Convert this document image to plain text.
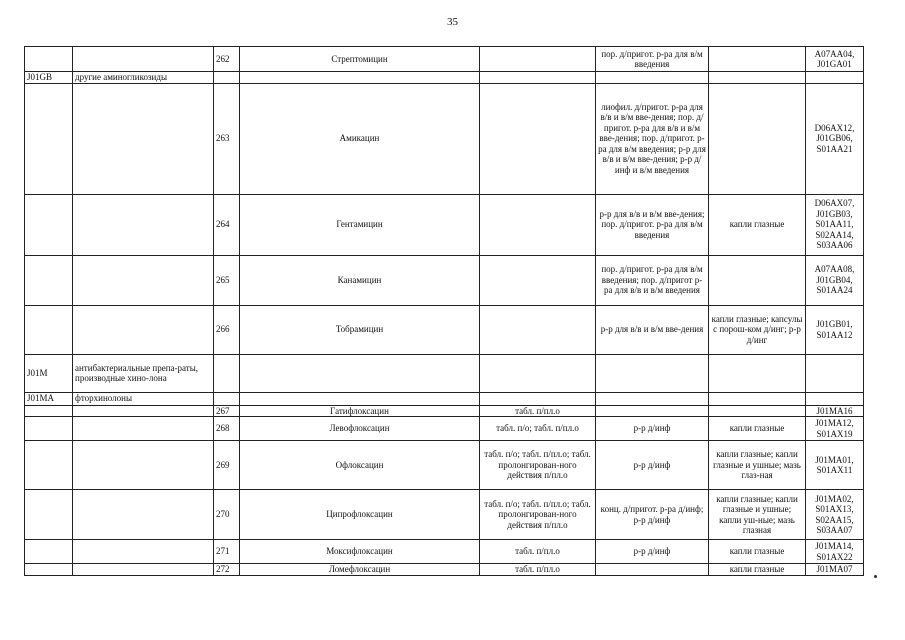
35
		262	Стрептомицин		пор. д/пригот. р-ра для в/м введения		A07AA04, J01GA01
J01GB	другие аминогликозиды						
		263	Амикацин		лиофил. д/пригот. р-ра для в/в и в/м вве-дения; пор. д/пригот. р-ра для в/в и в/м вве-дения; пор. д/пригот. р-ра для в/м введения; р-р для в/в и в/м вве-дения; р-р д/инф и в/м введения		D06AX12, J01GB06, S01AA21
		264	Гентамицин		р-р для в/в и в/м вве-дения; пор. д/пригот. р-ра для в/м введения	капли глазные	D06AX07, J01GB03, S01AA11, S02AA14, S03AA06
		265	Канамицин		пор. д/пригот. р-ра для в/м введения; пор. д/пригот р-ра для в/в и в/м введения		A07AA08, J01GB04, S01AA24
		266	Тобрамицин		р-р для в/в и в/м вве-дения	капли глазные; капсулы с порош-ком д/инг; р-р д/инг	J01GB01, S01AA12
J01M	антибактериальные препа-раты, производные хино-лона						
J01MA	фторхинолоны						
		267	Гатифлоксацин	табл. п/пл.о			J01MA16
		268	Левофлоксацин	табл. п/о; табл. п/пл.о	р-р д/инф	капли глазные	J01MA12, S01AX19
		269	Офлоксацин	табл. п/о; табл. п/пл.о; табл. пролонгирован-ного действия п/пл.о	р-р д/инф	капли глазные; капли глазные и ушные; мазь глаз-ная	J01MA01, S01AX11
		270	Ципрофлоксацин	табл. п/о; табл. п/пл.о; табл. пролонгирован-ного действия п/пл.о	конц. д/пригот. р-ра д/инф; р-р д/инф	капли глазные; капли глазные и ушные; капли уш-ные; мазь глазная	J01MA02, S01AX13, S02AA15, S03AA07
		271	Моксифлоксацин	табл. п/пл.о	р-р д/инф	капли глазные	J01MA14, S01AX22
		272	Ломефлоксацин	табл. п/пл.о		капли глазные	J01MA07
